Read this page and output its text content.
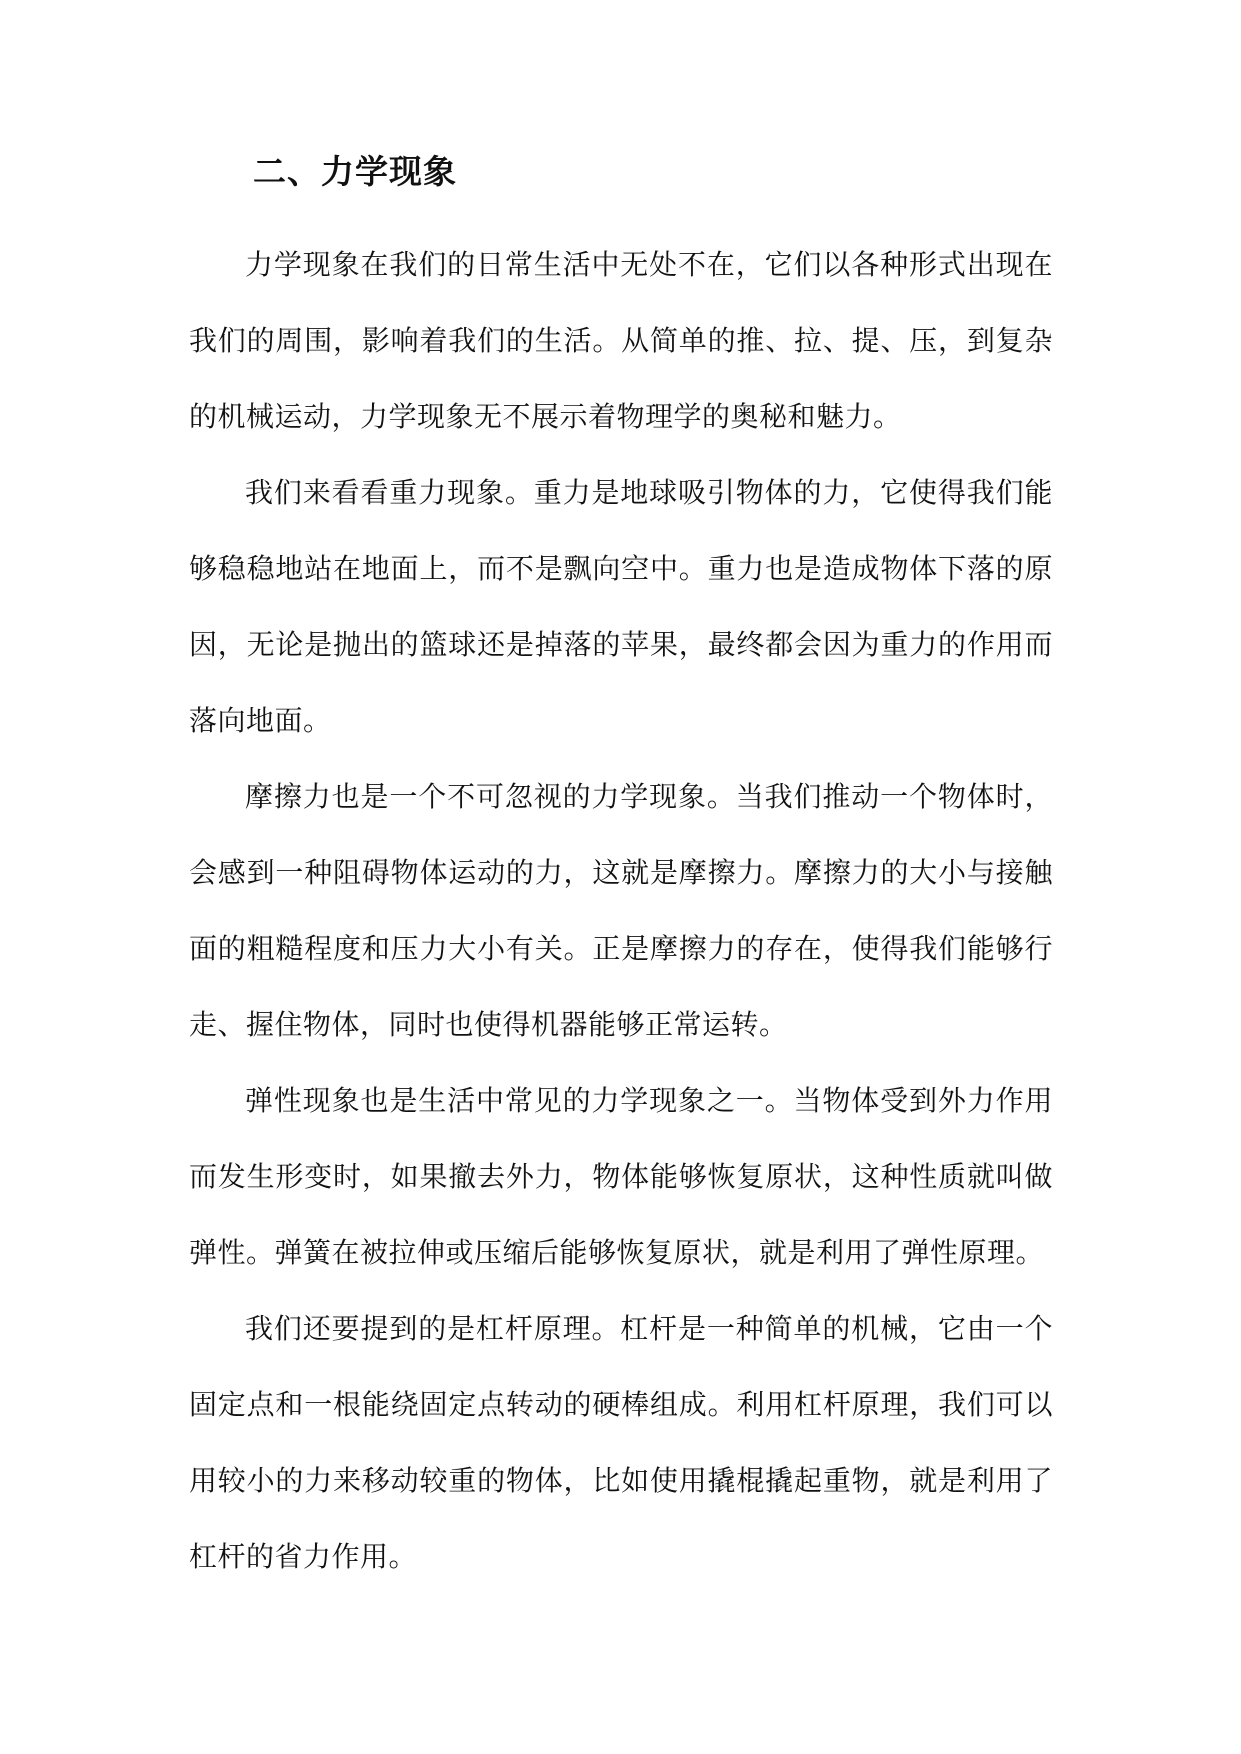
二、力学现象

力学现象在我们的日常生活中无处不在，它们以各种形式出现在我们的周围，影响着我们的生活。从简单的推、拉、提、压，到复杂的机械运动，力学现象无不展示着物理学的奥秘和魅力。

我们来看看重力现象。重力是地球吸引物体的力，它使得我们能够稳稳地站在地面上，而不是飘向空中。重力也是造成物体下落的原因，无论是抛出的篮球还是掉落的苹果，最终都会因为重力的作用而落向地面。

摩擦力也是一个不可忽视的力学现象。当我们推动一个物体时，会感到一种阻碍物体运动的力，这就是摩擦力。摩擦力的大小与接触面的粗糙程度和压力大小有关。正是摩擦力的存在，使得我们能够行走、握住物体，同时也使得机器能够正常运转。

弹性现象也是生活中常见的力学现象之一。当物体受到外力作用而发生形变时，如果撤去外力，物体能够恢复原状，这种性质就叫做弹性。弹簧在被拉伸或压缩后能够恢复原状，就是利用了弹性原理。

我们还要提到的是杠杆原理。杠杆是一种简单的机械，它由一个固定点和一根能绕固定点转动的硬棒组成。利用杠杆原理，我们可以用较小的力来移动较重的物体，比如使用撬棍撬起重物，就是利用了杠杆的省力作用。
